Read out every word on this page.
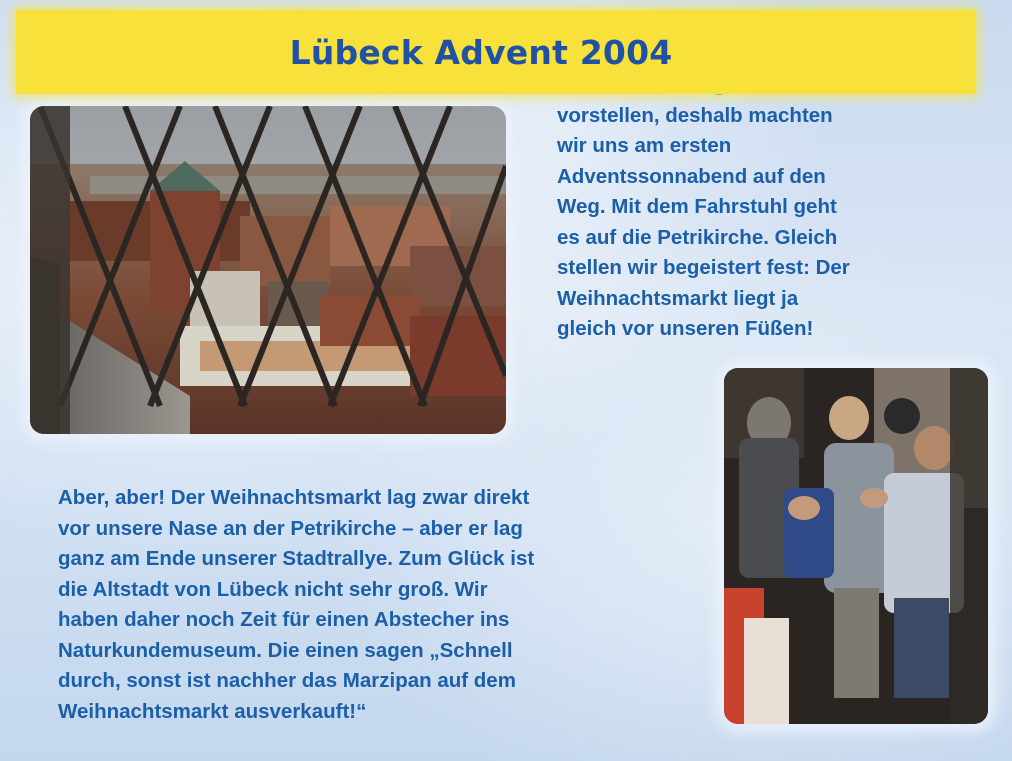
Lübeck Advent 2004
vorstellen, deshalb machten
wir uns am ersten
Adventssonnabend auf den
Weg. Mit dem Fahrstuhl geht
es auf die Petrikirche. Gleich
stellen wir begeistert fest: Der
Weihnachtsmarkt liegt ja
gleich vor unseren Füßen!
Aber, aber! Der Weihnachtsmarkt lag zwar direkt
vor unsere Nase an der Petrikirche – aber er lag
ganz am Ende unserer Stadtrallye. Zum Glück ist
die Altstadt von Lübeck nicht sehr groß. Wir
haben daher noch Zeit für einen Abstecher ins
Naturkundemuseum. Die einen sagen „Schnell
durch, sonst ist nachher das Marzipan auf dem
Weihnachtsmarkt ausverkauft!“
